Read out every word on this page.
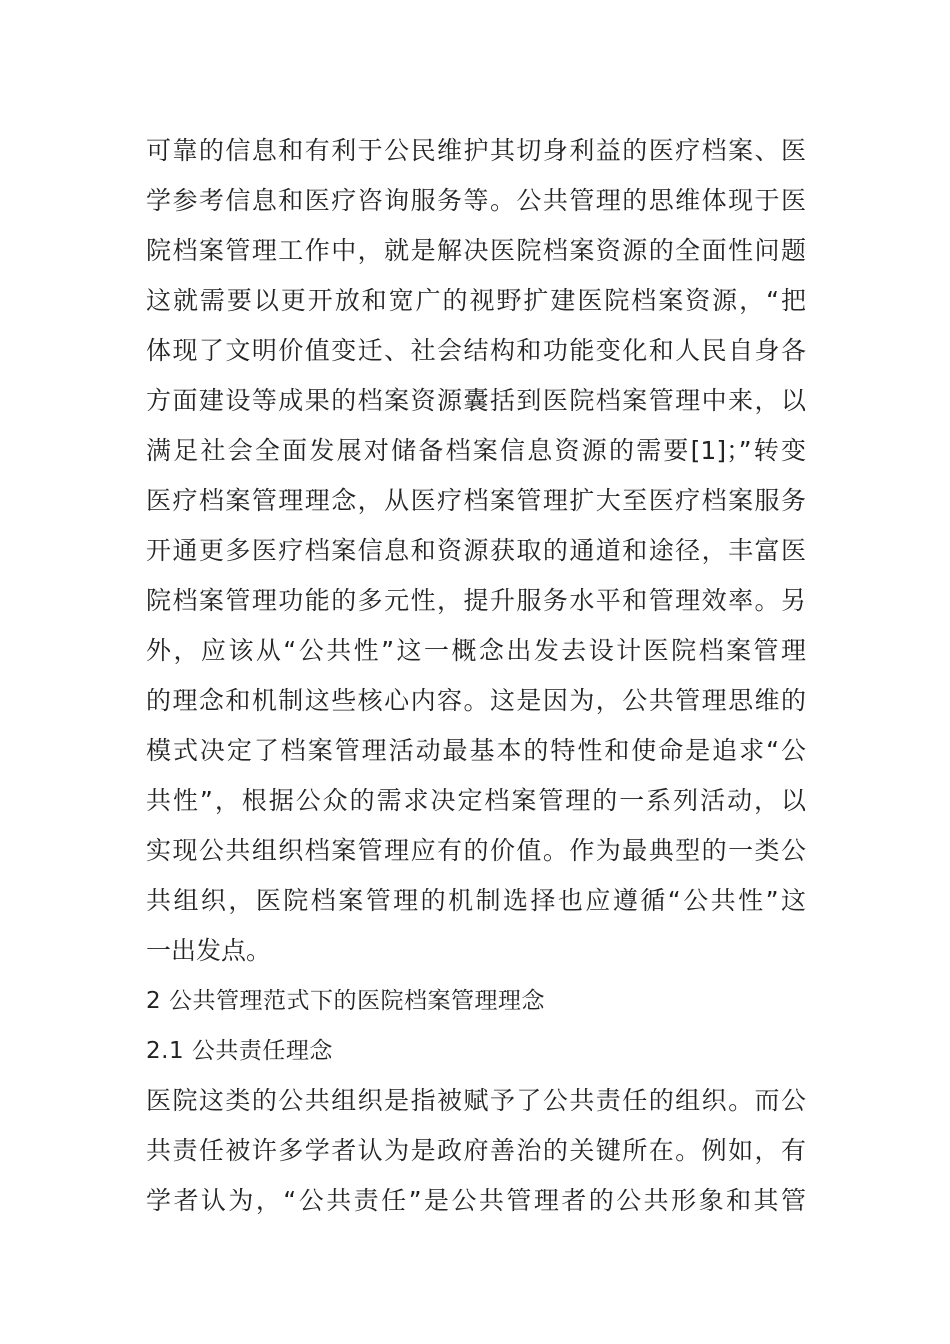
可靠的信息和有利于公民维护其切身利益的医疗档案、医
学参考信息和医疗咨询服务等。公共管理的思维体现于医
院档案管理工作中，就是解决医院档案资源的全面性问题
这就需要以更开放和宽广的视野扩建医院档案资源，“把
体现了文明价值变迁、社会结构和功能变化和人民自身各
方面建设等成果的档案资源囊括到医院档案管理中来，以
满足社会全面发展对储备档案信息资源的需要[1]；”转变
医疗档案管理理念，从医疗档案管理扩大至医疗档案服务
开通更多医疗档案信息和资源获取的通道和途径，丰富医
院档案管理功能的多元性，提升服务水平和管理效率。另
外，应该从“公共性”这一概念出发去设计医院档案管理
的理念和机制这些核心内容。这是因为，公共管理思维的
模式决定了档案管理活动最基本的特性和使命是追求“公
共性”，根据公众的需求决定档案管理的一系列活动，以
实现公共组织档案管理应有的价值。作为最典型的一类公
共组织，医院档案管理的机制选择也应遵循“公共性”这
一出发点。
2 公共管理范式下的医院档案管理理念
2.1 公共责任理念
医院这类的公共组织是指被赋予了公共责任的组织。而公
共责任被许多学者认为是政府善治的关键所在。例如，有
学者认为，“公共责任”是公共管理者的公共形象和其管
